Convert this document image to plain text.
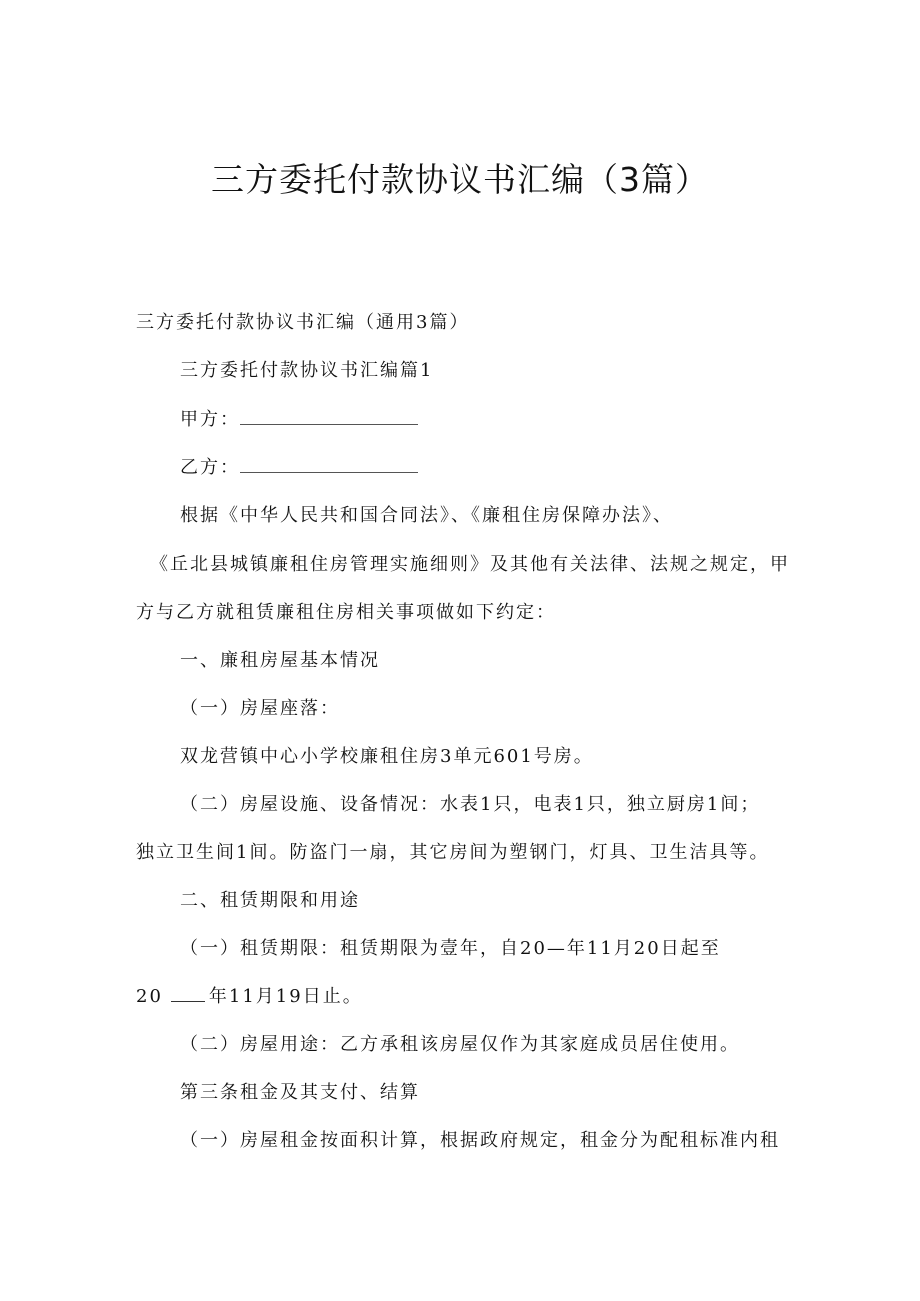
三方委托付款协议书汇编（3篇）
三方委托付款协议书汇编（通用3篇）
三方委托付款协议书汇编篇1
甲方：
乙方：
根据《中华人民共和国合同法》、《廉租住房保障办法》、
《丘北县城镇廉租住房管理实施细则》及其他有关法律、法规之规定，甲
方与乙方就租赁廉租住房相关事项做如下约定：
一、廉租房屋基本情况
（一）房屋座落：
双龙营镇中心小学校廉租住房3单元601号房。
（二）房屋设施、设备情况：水表1只，电表1只，独立厨房1间；
独立卫生间1间。防盗门一扇，其它房间为塑钢门，灯具、卫生洁具等。
二、租赁期限和用途
（一）租赁期限：租赁期限为壹年，自20—年11月20日起至
20	年11月19日止。
（二）房屋用途：乙方承租该房屋仅作为其家庭成员居住使用。
第三条租金及其支付、结算
（一）房屋租金按面积计算，根据政府规定，租金分为配租标准内租
